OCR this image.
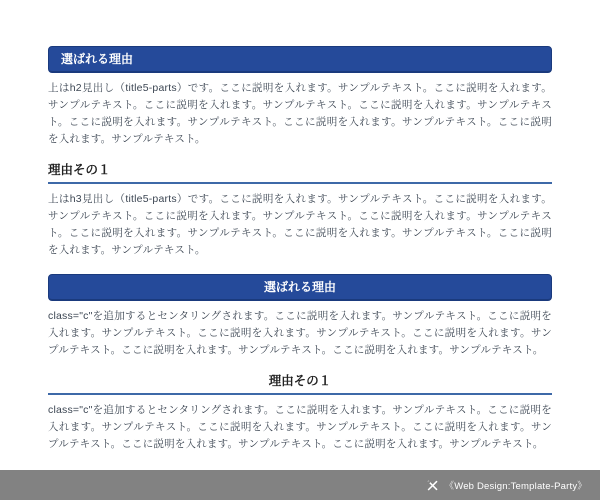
選ばれる理由

上はh2見出し（title5-parts）です。ここに説明を入れます。サンプルテキスト。ここに説明を入れます。サンプルテキスト。ここに説明を入れます。サンプルテキスト。ここに説明を入れます。サンプルテキスト。ここに説明を入れます。サンプルテキスト。ここに説明を入れます。サンプルテキスト。ここに説明を入れます。サンプルテキスト。

理由その１

上はh3見出し（title5-parts）です。ここに説明を入れます。サンプルテキスト。ここに説明を入れます。サンプルテキスト。ここに説明を入れます。サンプルテキスト。ここに説明を入れます。サンプルテキスト。ここに説明を入れます。サンプルテキスト。ここに説明を入れます。サンプルテキスト。ここに説明を入れます。サンプルテキスト。

選ばれる理由

class="c"を追加するとセンタリングされます。ここに説明を入れます。サンプルテキスト。ここに説明を入れます。サンプルテキスト。ここに説明を入れます。サンプルテキスト。ここに説明を入れます。サンプルテキスト。ここに説明を入れます。サンプルテキスト。ここに説明を入れます。サンプルテキスト。

理由その１

class="c"を追加するとセンタリングされます。ここに説明を入れます。サンプルテキスト。ここに説明を入れます。サンプルテキスト。ここに説明を入れます。サンプルテキスト。ここに説明を入れます。サンプルテキスト。ここに説明を入れます。サンプルテキスト。ここに説明を入れます。サンプルテキスト。

《Web Design:Template-Party》
